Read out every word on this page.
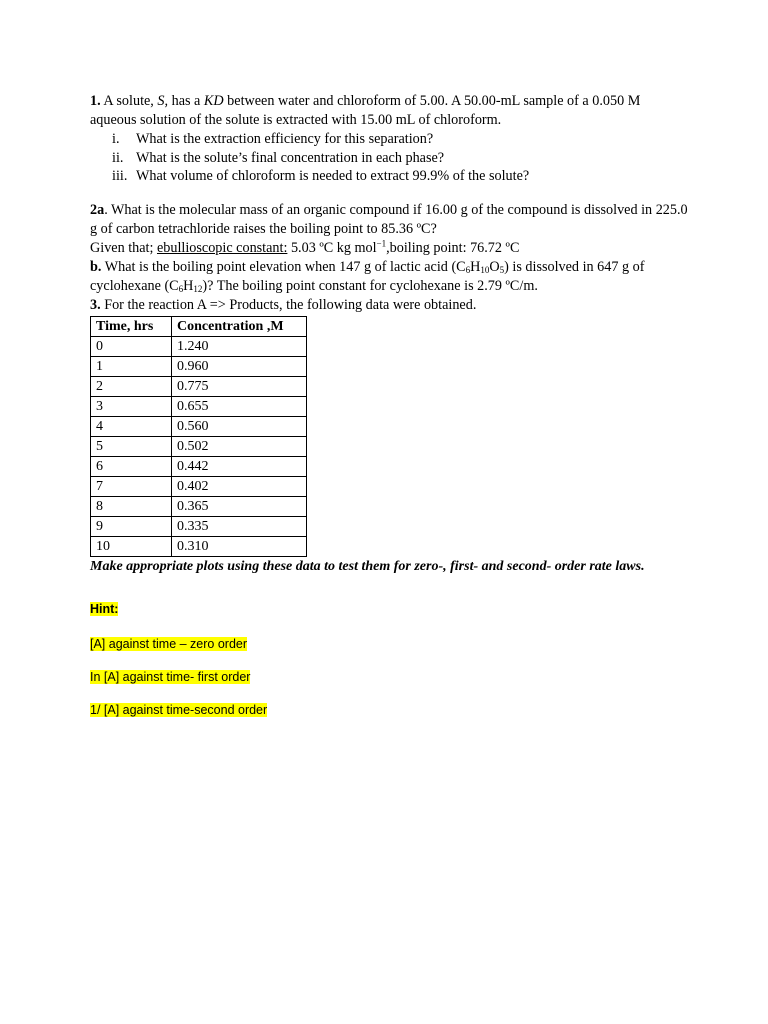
1. A solute, S, has a KD between water and chloroform of 5.00. A 50.00-mL sample of a 0.050 M aqueous solution of the solute is extracted with 15.00 mL of chloroform.

i.	What is the extraction efficiency for this separation?
ii. What is the solute’s final concentration in each phase?
iii. What volume of chloroform is needed to extract 99.9% of the solute?

2a. What is the molecular mass of an organic compound if 16.00 g of the compound is dissolved in 225.0 g of carbon tetrachloride raises the boiling point to 85.36 ºC?
Given that; ebullioscopic constant: 5.03 ºC kg mol$^{-1}$,boiling point: 76.72 ºC

b. What is the boiling point elevation when 147 g of lactic acid $(C_6H_{10}O_5)$ is dissolved in 647 g of cyclohexane $(C_6H_{12})$? The boiling point constant for cyclohexane is 2.79 ºC/m.

3. For the reaction A => Products, the following data were obtained.

Time, hrs	Concentration ,M
0	1.240
1	0.960
2	0.775
3	0.655
4	0.560
5	0.502
6	0.442
7	0.402
8	0.365
9	0.335
10	0.310

Make appropriate plots using these data to test them for zero-, first- and second- order rate laws.

Hint:
[A] against time – zero order
In [A] against time- first order
1/ [A] against time-second order
